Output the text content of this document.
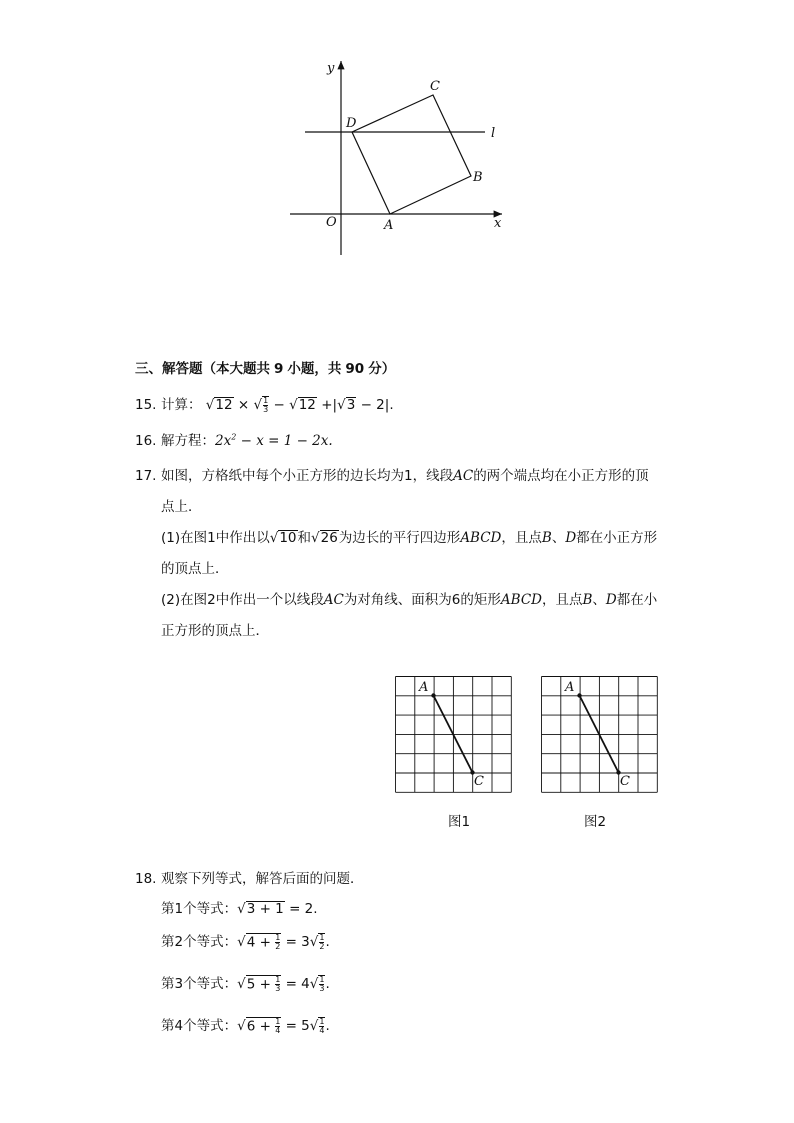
y
x
O
l
A
B
C
D
三、解答题（本大题共 9 小题，共 90 分）
15. 计算： √12 × √ $\frac{1}{3} - √12 +|√3 - 2|$.
16. 解方程：$2x^2 - x = 1 - 2x$.
17. 如图，方格纸中每个小正方形的边长均为1，线段AC的两个端点均在小正方形的顶
点上．
(1)在图1中作出以√10和√26为边长的平行四边形ABCD，且点B、D都在小正方形
的顶点上．
(2)在图2中作出一个以线段AC为对角线、面积为6的矩形ABCD，且点B、D都在小
正方形的顶点上．
A
C
图1
A
C
图2
18. 观察下列等式，解答后面的问题．
第1个等式：√3 + 1 = 2.
第2个等式：$√4 + \frac{1}{2} = 3√ \frac{1}{2}$ .
第3个等式：$√5 + \frac{1}{3} = 4√ \frac{1}{3}$ .
第4个等式：$√6 + \frac{1}{4} = 5√ \frac{1}{4}$ .
